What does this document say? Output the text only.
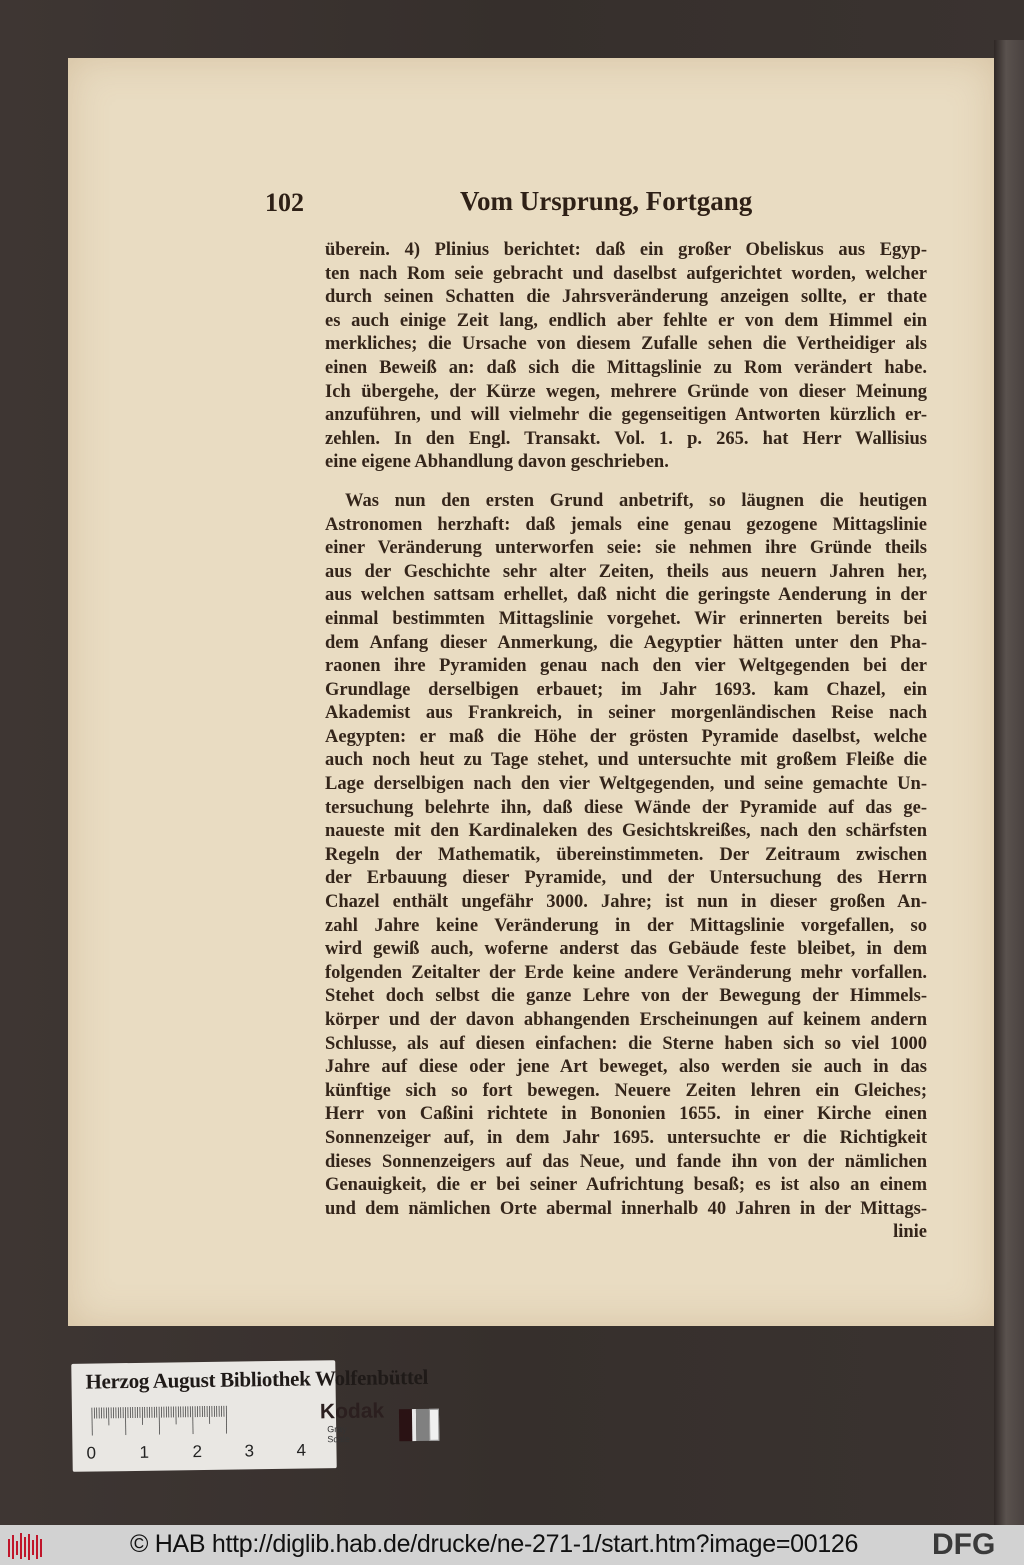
102	Vom Ursprung, Fortgang
überein. 4) Plinius berichtet: daß ein großer Obeliskus aus Egyp-
ten nach Rom seie gebracht und daselbst aufgerichtet worden, welcher
durch seinen Schatten die Jahrsveränderung anzeigen sollte, er thate
es auch einige Zeit lang, endlich aber fehlte er von dem Himmel ein
merkliches; die Ursache von diesem Zufalle sehen die Vertheidiger als
einen Beweiß an: daß sich die Mittagslinie zu Rom verändert habe.
Ich übergehe, der Kürze wegen, mehrere Gründe von dieser Meinung
anzuführen, und will vielmehr die gegenseitigen Antworten kürzlich er-
zehlen. In den Engl. Transakt. Vol. 1. p. 265. hat Herr Wallisius
eine eigene Abhandlung davon geschrieben.
Was nun den ersten Grund anbetrift, so läugnen die heutigen
Astronomen herzhaft: daß jemals eine genau gezogene Mittagslinie
einer Veränderung unterworfen seie: sie nehmen ihre Gründe theils
aus der Geschichte sehr alter Zeiten, theils aus neuern Jahren her,
aus welchen sattsam erhellet, daß nicht die geringste Aenderung in der
einmal bestimmten Mittagslinie vorgehet. Wir erinnerten bereits bei
dem Anfang dieser Anmerkung, die Aegyptier hätten unter den Pha-
raonen ihre Pyramiden genau nach den vier Weltgegenden bei der
Grundlage derselbigen erbauet; im Jahr 1693. kam Chazel, ein
Akademist aus Frankreich, in seiner morgenländischen Reise nach
Aegypten: er maß die Höhe der grösten Pyramide daselbst, welche
auch noch heut zu Tage stehet, und untersuchte mit großem Fleiße die
Lage derselbigen nach den vier Weltgegenden, und seine gemachte Un-
tersuchung belehrte ihn, daß diese Wände der Pyramide auf das ge-
naueste mit den Kardinaleken des Gesichtskreißes, nach den schärfsten
Regeln der Mathematik, übereinstimmeten. Der Zeitraum zwischen
der Erbauung dieser Pyramide, und der Untersuchung des Herrn
Chazel enthält ungefähr 3000. Jahre; ist nun in dieser großen An-
zahl Jahre keine Veränderung in der Mittagslinie vorgefallen, so
wird gewiß auch, woferne anderst das Gebäude feste bleibet, in dem
folgenden Zeitalter der Erde keine andere Veränderung mehr vorfallen.
Stehet doch selbst die ganze Lehre von der Bewegung der Himmels-
körper und der davon abhangenden Erscheinungen auf keinem andern
Schlusse, als auf diesen einfachen: die Sterne haben sich so viel 1000
Jahre auf diese oder jene Art beweget, also werden sie auch in das
künftige sich so fort bewegen. Neuere Zeiten lehren ein Gleiches;
Herr von Caßini richtete in Bononien 1655. in einer Kirche einen
Sonnenzeiger auf, in dem Jahr 1695. untersuchte er die Richtigkeit
dieses Sonnenzeigers auf das Neue, und fande ihn von der nämlichen
Genauigkeit, die er bei seiner Aufrichtung besaß; es ist also an einem
und dem nämlichen Orte abermal innerhalb 40 Jahren in der Mittags-
linie
Herzog August Bibliothek Wolfenbüttel
0	1	2 3 4
Kodak
Gray Scale
© HAB http://diglib.hab.de/drucke/ne-271-1/start.htm?image=00126 DFG
